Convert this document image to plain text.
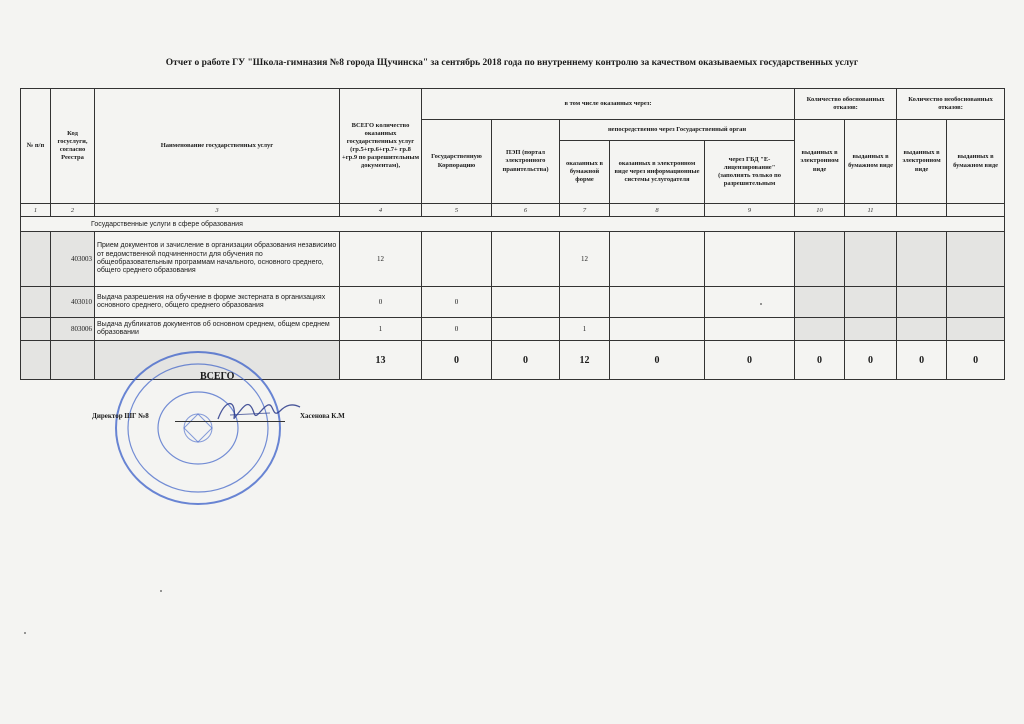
Отчет о работе ГУ "Школа-гимназия №8 города Щучинска" за сентябрь 2018 года по внутреннему контролю за качеством оказываемых государственных услуг
№ п/п	Код госуслуги, согласно Реестра	Наименование государственных услуг	ВСЕГО количество оказанных государственных услуг (гр.5+гр.6+гр.7+ гр.8 +гр.9 по разрешительным документам),	в том числе оказанных через:					Количество обоснованных отказов:		Количество необоснованных отказов:	
				Государственную Корпорацию	ПЭП (портал электронного правительства)	непосредственно через Государственный орган			выданных в электронном виде	выданных в бумажном виде	выданных в электронном виде	выданных в бумажном виде
						оказанных в бумажной форме	оказанных в электронном виде через информационные системы услугодателя	через ГБД "Е-лицензирование" (заполнять только по разрешительным				
1	2	3	4	5	6	7	8	9	10	11		
Государственные услуги в сфере образования												
	403003	Прием документов и зачисление в организации образования независимо от ведомственной подчиненности для обучения по общеобразовательным программам начального, основного среднего, общего среднего образования	12			12						
	403010	Выдача разрешения на обучение в форме экстерната в организациях основного среднего, общего среднего образования	0	0								
	803006	Выдача дубликатов документов об основном среднем, общем среднем образовании	1	0		1						
			13	0	0	12	0	0	0	0	0	0
ВСЕГО
Директор ШГ №8	Хасенова К.М
